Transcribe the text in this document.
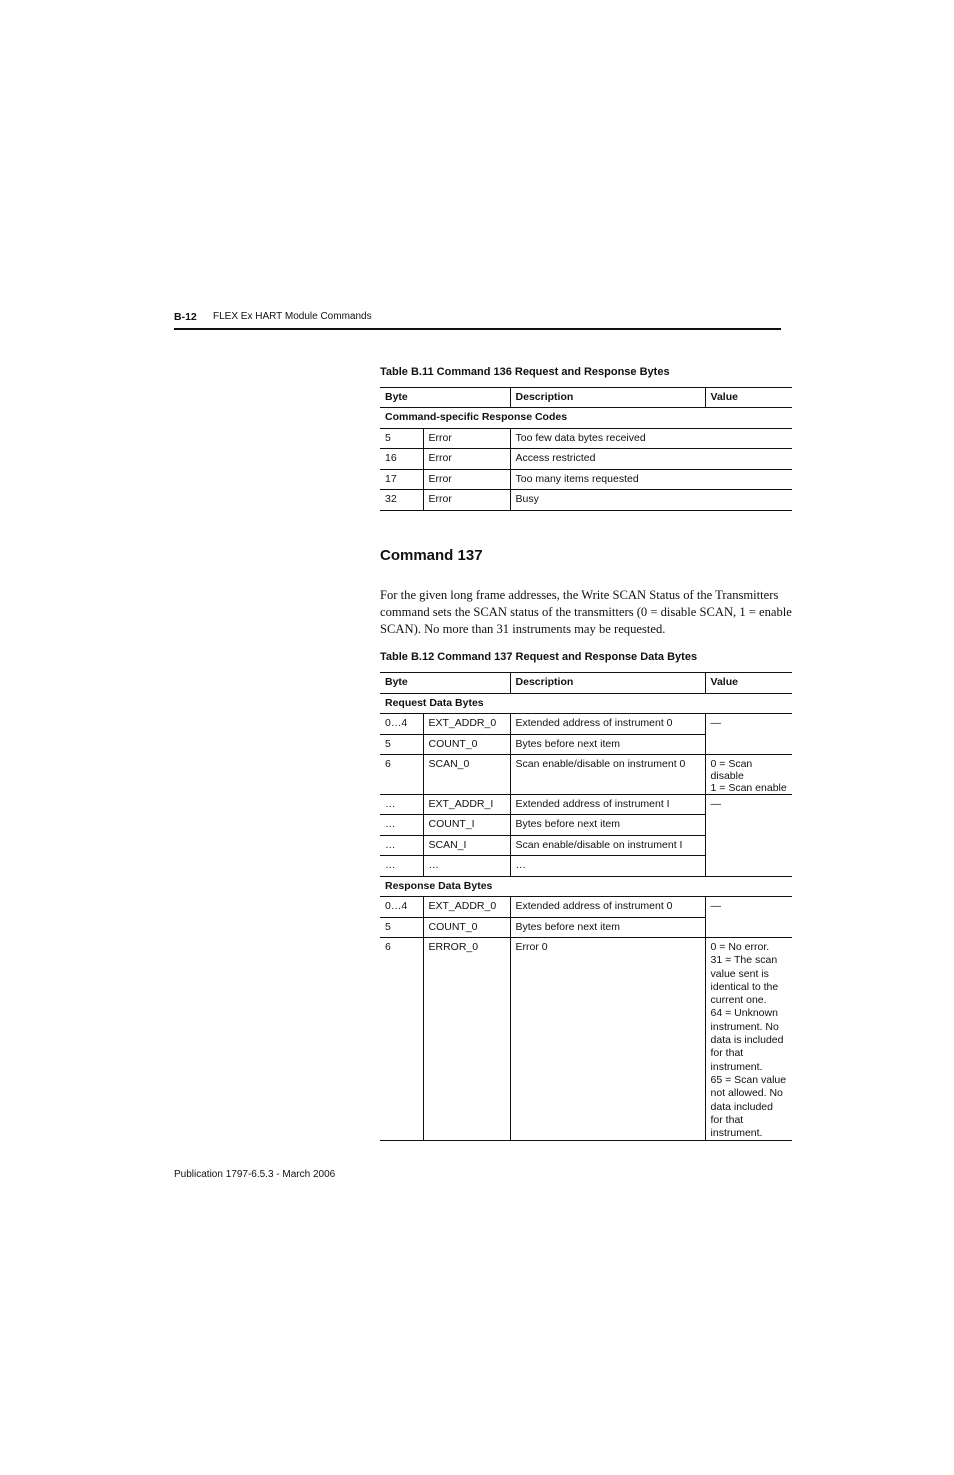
B-12 FLEX Ex HART Module Commands
Table B.11 Command 136 Request and Response Bytes
Byte		Description	Value
Command-specific Response Codes			
5	Error	Too few data bytes received	
16	Error	Access restricted	
17	Error	Too many items requested	
32	Error	Busy	
Command 137
For the given long frame addresses, the Write SCAN Status of the Transmitters command sets the SCAN status of the transmitters (0 = disable SCAN, 1 = enable SCAN). No more than 31 instruments may be requested.
Table B.12 Command 137 Request and Response Data Bytes
Byte		Description	Value
Request Data Bytes			
0…4	EXT_ADDR_0	Extended address of instrument 0	—
5	COUNT_0	Bytes before next item	
6	SCAN_0	Scan enable/disable on instrument 0	0 = Scan disable
1 = Scan enable
…	EXT_ADDR_I	Extended address of instrument I	—
…	COUNT_I	Bytes before next item	
…	SCAN_I	Scan enable/disable on instrument I	
…	…	…	
Response Data Bytes			
0…4	EXT_ADDR_0	Extended address of instrument 0	—
5	COUNT_0	Bytes before next item	
6	ERROR_0	Error 0	0 = No error.
31 = The scan value sent is identical to the current one.
64 = Unknown instrument. No data is included for that instrument.
65 = Scan value not allowed. No data included for that instrument.
Publication 1797-6.5.3 - March 2006
